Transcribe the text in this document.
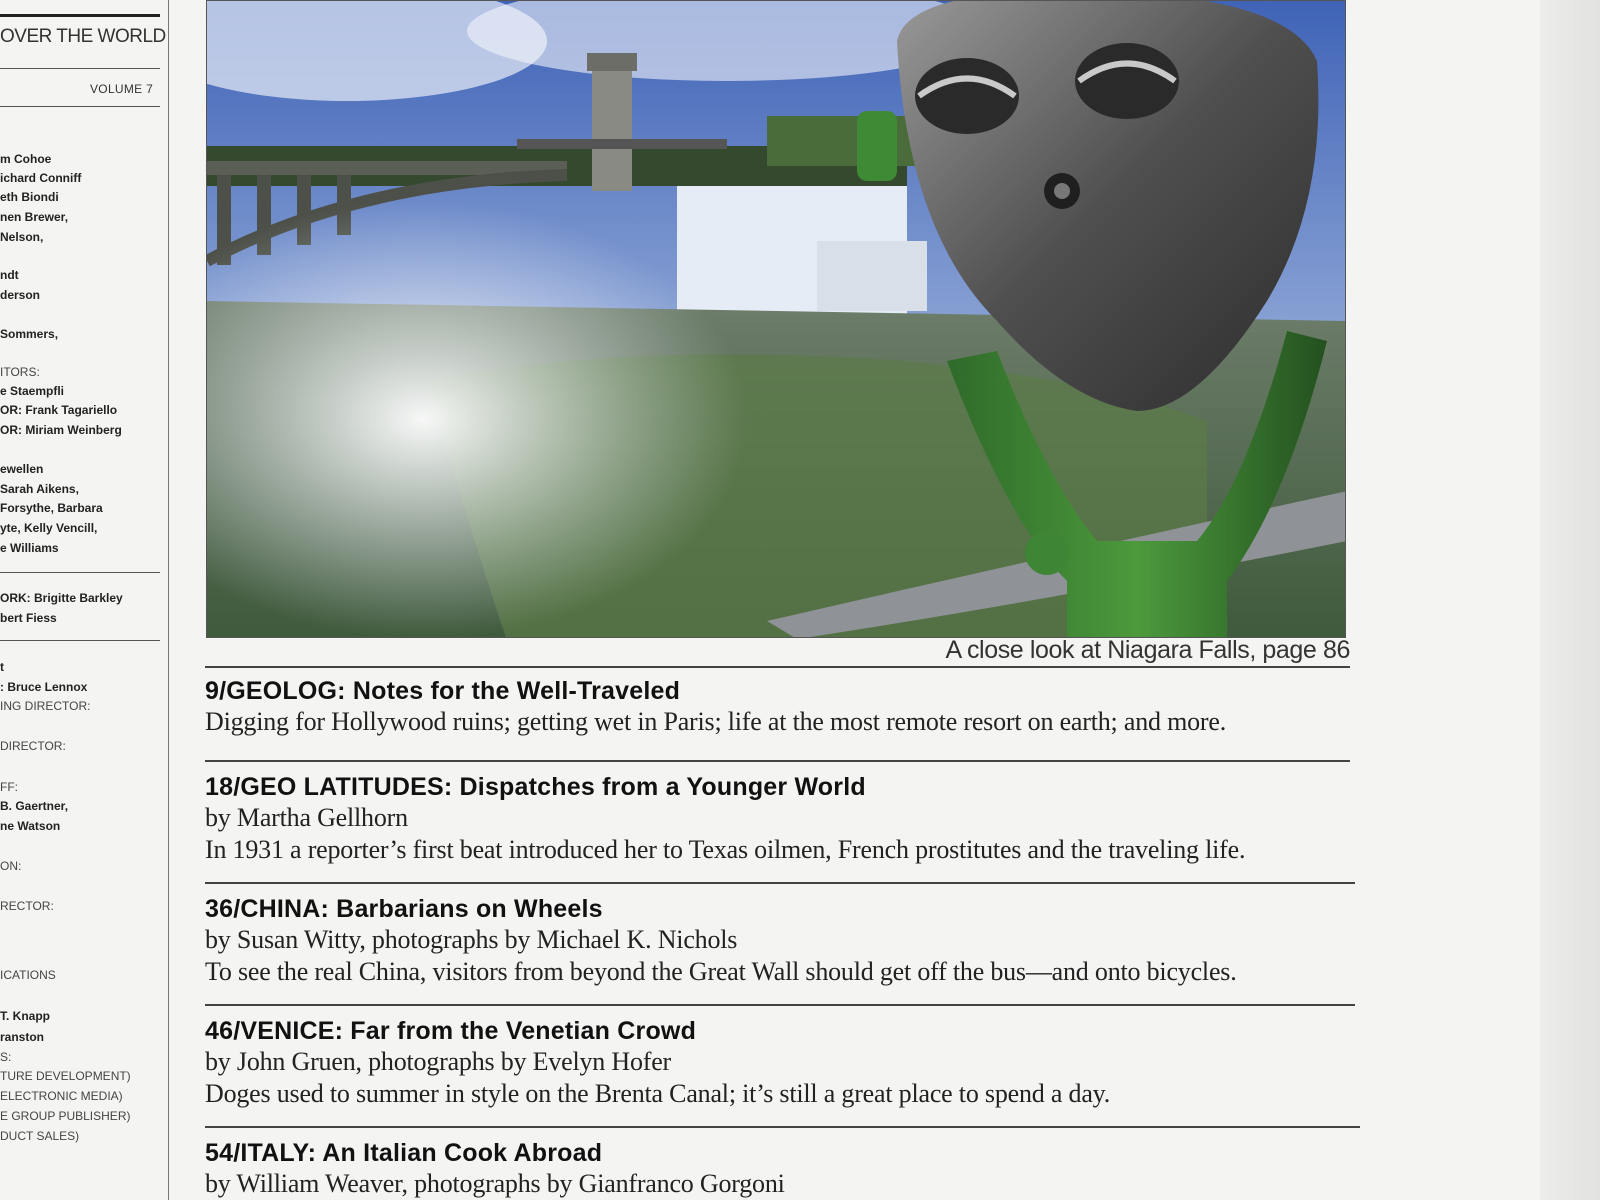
OVER THE WORLD
VOLUME 7
m Cohoe
ichard Conniff
eth Biondi
nen Brewer,
Nelson,
ndt
derson
Sommers,
ITORS:
e Staempfli
OR: Frank Tagariello
OR: Miriam Weinberg
ewellen
Sarah Aikens,
Forsythe, Barbara
yte, Kelly Vencill,
e Williams
ORK: Brigitte Barkley
bert Fiess
t
: Bruce Lennox
ING DIRECTOR:
DIRECTOR:
FF:
B. Gaertner,
ne Watson
ON:
RECTOR:
ICATIONS
T. Knapp
ranston
S:
TURE DEVELOPMENT)
ELECTRONIC MEDIA)
E GROUP PUBLISHER)
DUCT SALES)
A close look at Niagara Falls, page 86
9/GEOLOG: Notes for the Well-Traveled
Digging for Hollywood ruins; getting wet in Paris; life at the most remote resort on earth; and more.
18/GEO LATITUDES: Dispatches from a Younger World
by Martha Gellhorn
In 1931 a reporter’s first beat introduced her to Texas oilmen, French prostitutes and the traveling life.
36/CHINA: Barbarians on Wheels
by Susan Witty, photographs by Michael K. Nichols
To see the real China, visitors from beyond the Great Wall should get off the bus—and onto bicycles.
46/VENICE: Far from the Venetian Crowd
by John Gruen, photographs by Evelyn Hofer
Doges used to summer in style on the Brenta Canal; it’s still a great place to spend a day.
54/ITALY: An Italian Cook Abroad
by William Weaver, photographs by Gianfranco Gorgoni
